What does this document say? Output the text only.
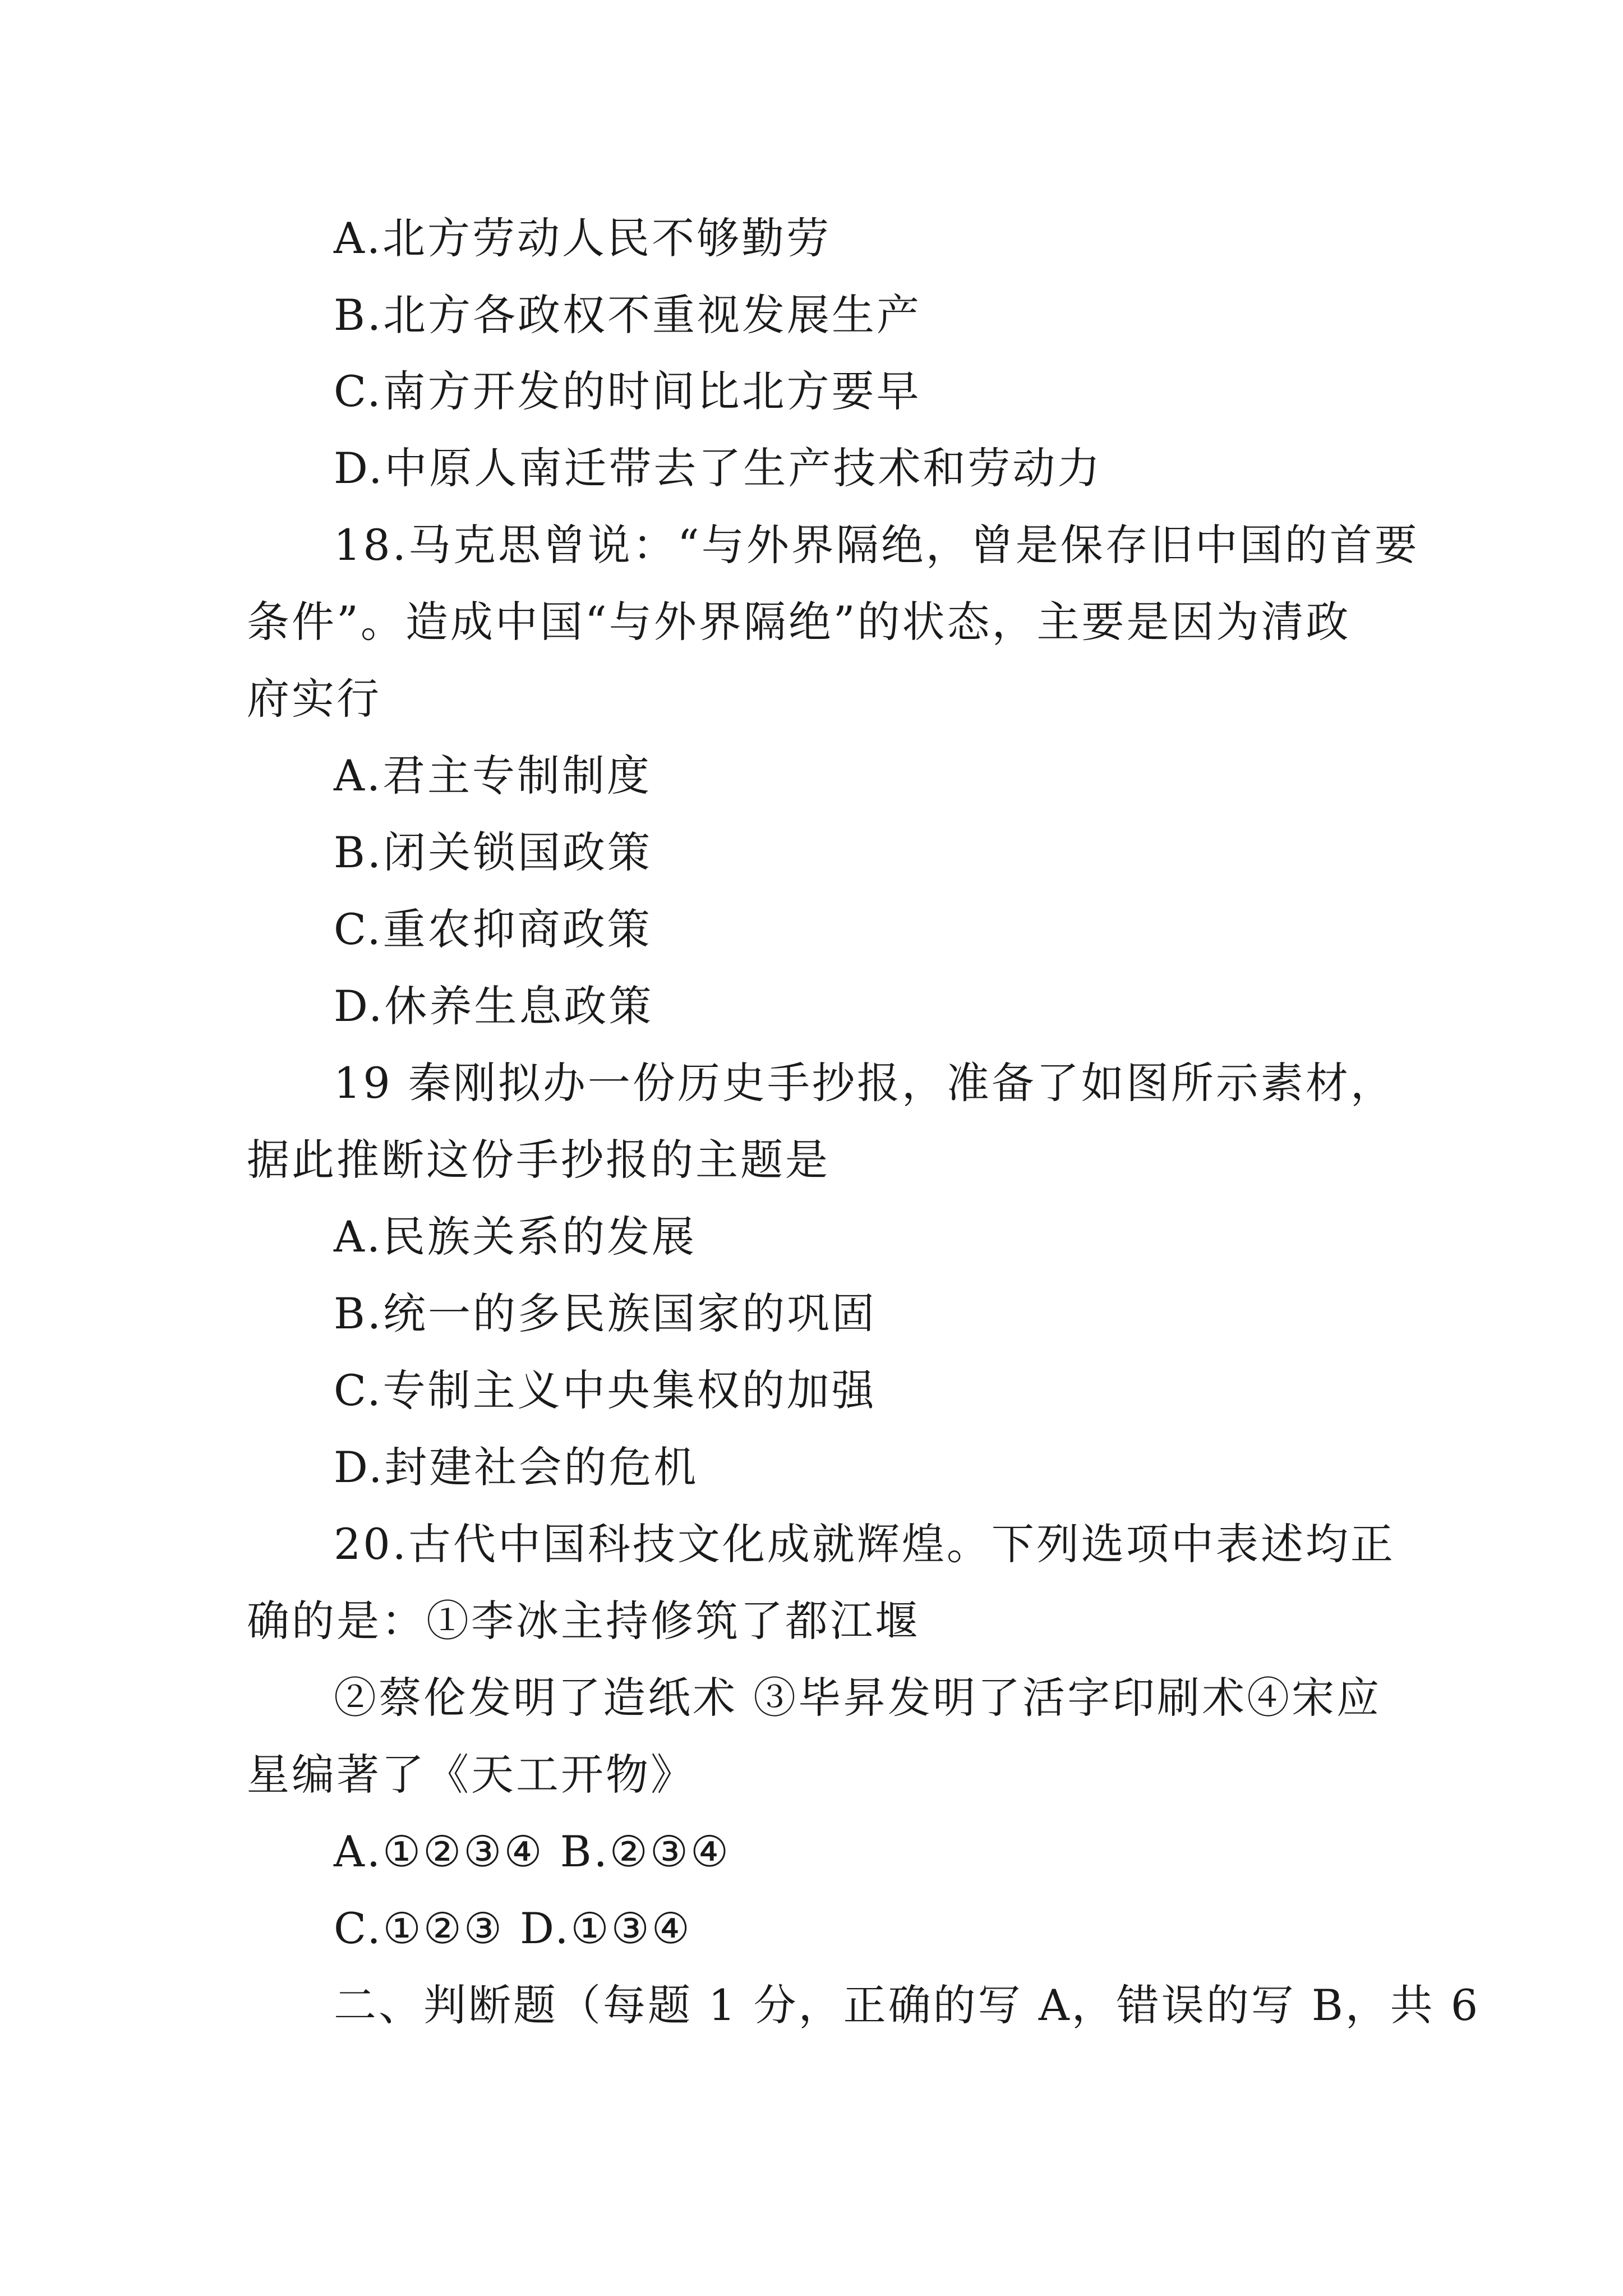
A.北方劳动人民不够勤劳
B.北方各政权不重视发展生产
C.南方开发的时间比北方要早
D.中原人南迁带去了生产技术和劳动力
18.马克思曾说：“与外界隔绝，曾是保存旧中国的首要
条件”。造成中国“与外界隔绝”的状态，主要是因为清政
府实行
A.君主专制制度
B.闭关锁国政策
C.重农抑商政策
D.休养生息政策
19 秦刚拟办一份历史手抄报，准备了如图所示素材，
据此推断这份手抄报的主题是
A.民族关系的发展
B.统一的多民族国家的巩固
C.专制主义中央集权的加强
D.封建社会的危机
20.古代中国科技文化成就辉煌。下列选项中表述均正
确的是：①李冰主持修筑了都江堰
②蔡伦发明了造纸术 ③毕昇发明了活字印刷术④宋应
星编著了《天工开物》
A.①②③④ B.②③④
C.①②③ D.①③④
二、判断题（每题 1 分，正确的写 A，错误的写 B，共 6
